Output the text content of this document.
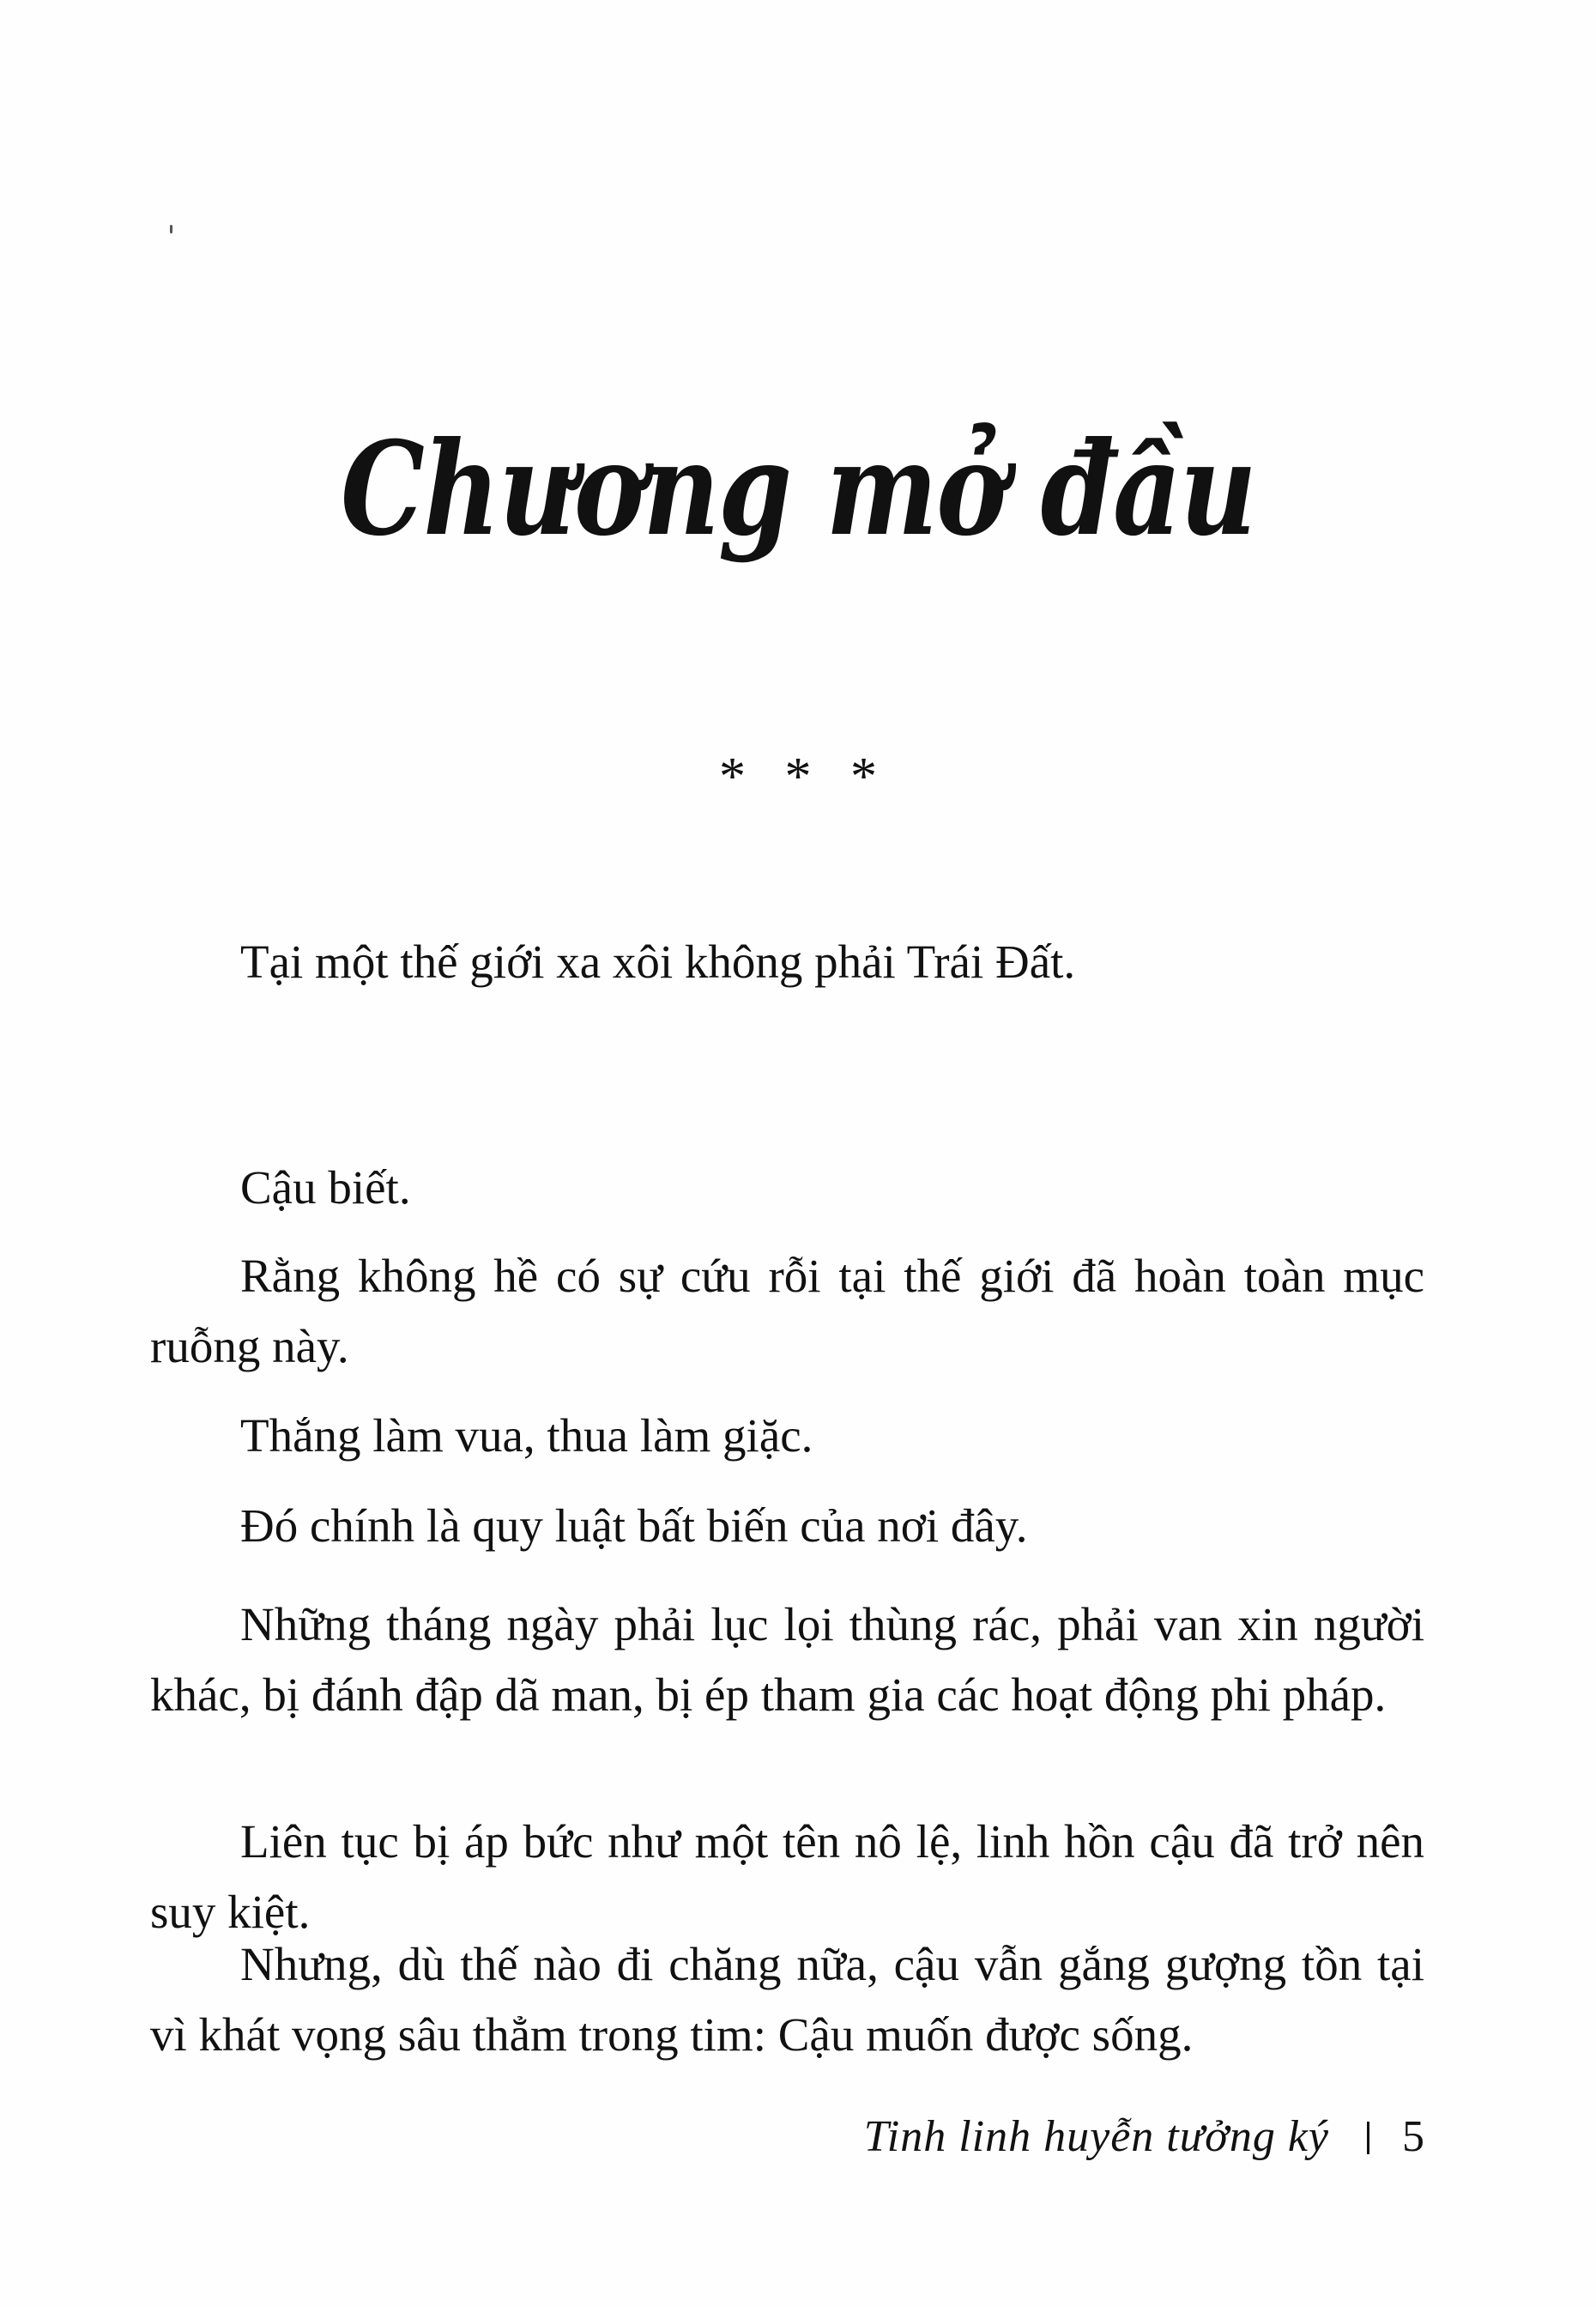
Chương mở đầu
* * *

Tại một thế giới xa xôi không phải Trái Đất.

Cậu biết.

Rằng không hề có sự cứu rỗi tại thế giới đã hoàn toàn mục ruỗng này.

Thắng làm vua, thua làm giặc.

Đó chính là quy luật bất biến của nơi đây.

Những tháng ngày phải lục lọi thùng rác, phải van xin người khác, bị đánh đập dã man, bị ép tham gia các hoạt động phi pháp.

Liên tục bị áp bức như một tên nô lệ, linh hồn cậu đã trở nên suy kiệt.

Nhưng, dù thế nào đi chăng nữa, cậu vẫn gắng gượng tồn tại vì khát vọng sâu thẳm trong tim: Cậu muốn được sống.

Tinh linh huyễn tưởng ký 5
